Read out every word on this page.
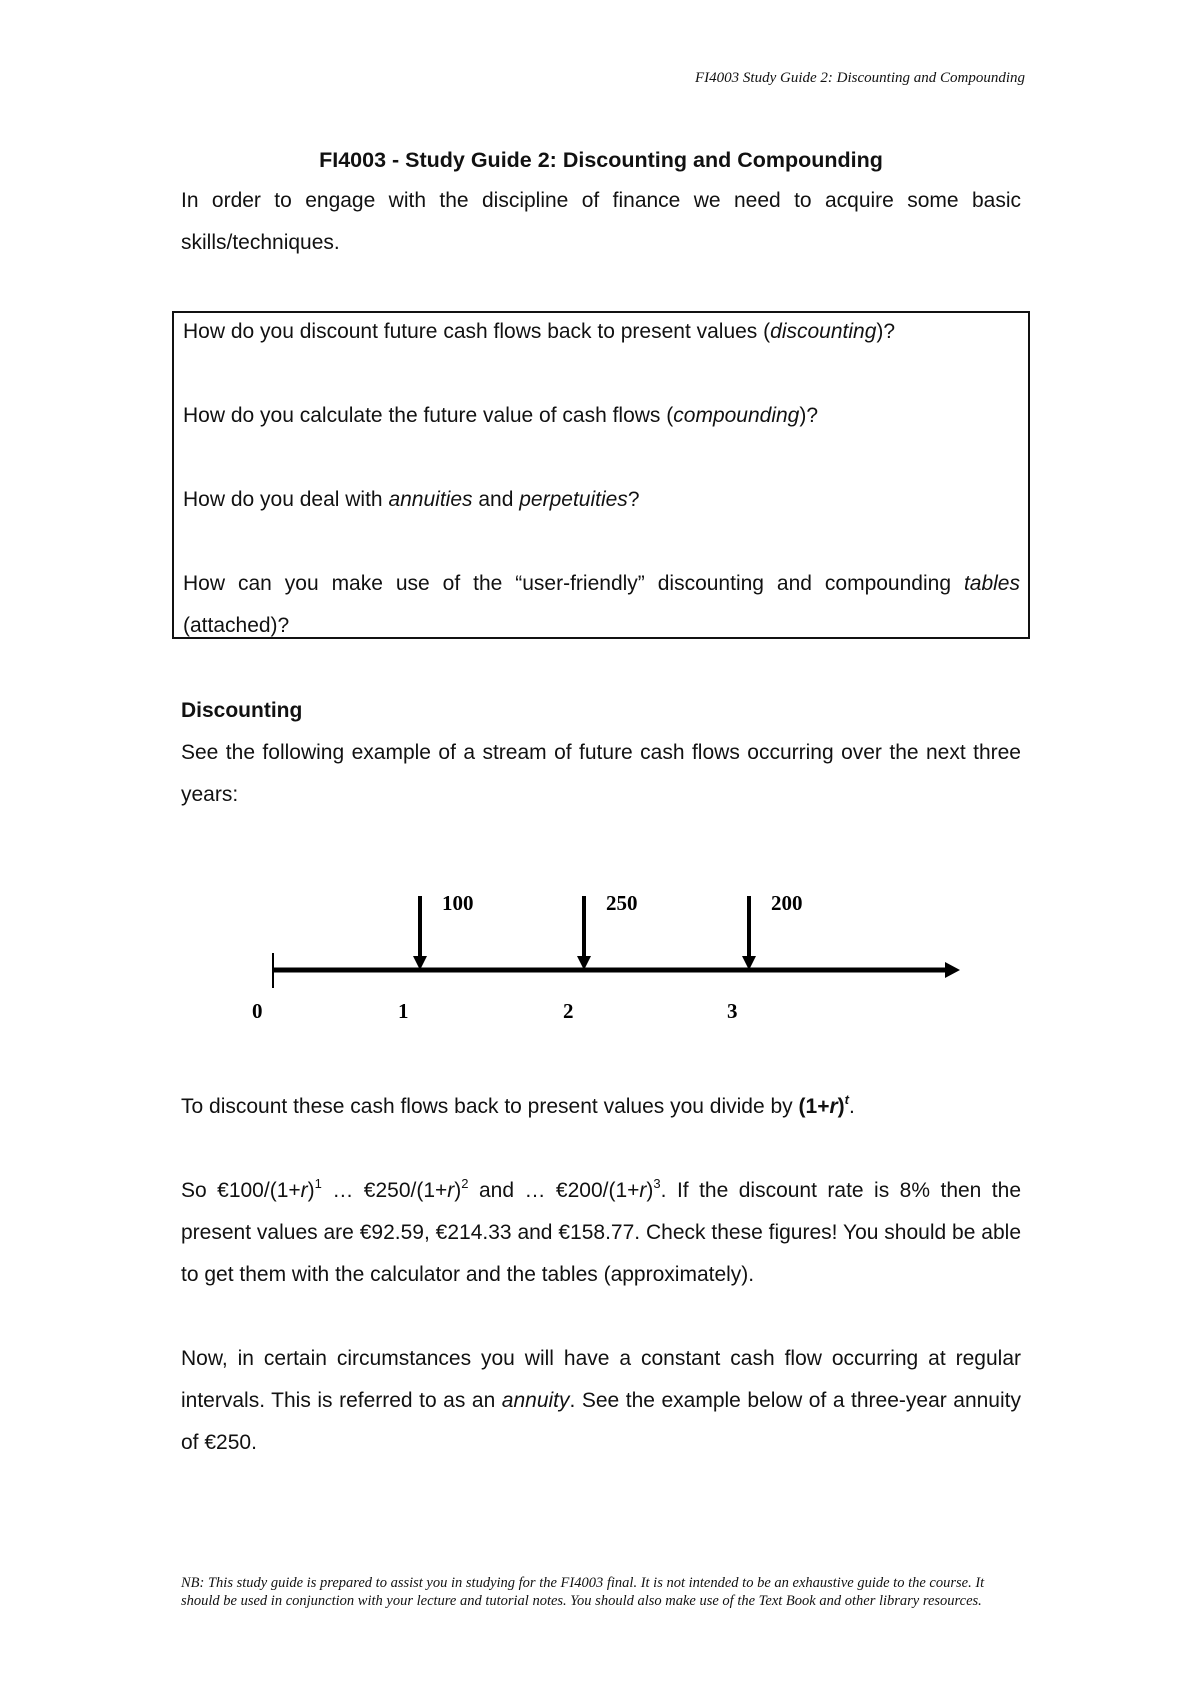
FI4003 Study Guide 2: Discounting and Compounding

FI4003 - Study Guide 2: Discounting and Compounding

In order to engage with the discipline of finance we need to acquire some basic skills/techniques.

How do you discount future cash flows back to present values (discounting)?

How do you calculate the future value of cash flows (compounding)?

How do you deal with annuities and perpetuities?

How can you make use of the “user-friendly” discounting and compounding tables (attached)?

Discounting

See the following example of a stream of future cash flows occurring over the next three years:

100	250	200
0	1	2	3

To discount these cash flows back to present values you divide by $(1+r)^t$.

So $€100/(1+r)^1$ … $€250/(1+r)^2$ and … $€200/(1+r)^3$. If the discount rate is 8% then the present values are €92.59, €214.33 and €158.77. Check these figures! You should be able to get them with the calculator and the tables (approximately).

Now, in certain circumstances you will have a constant cash flow occurring at regular intervals. This is referred to as an annuity. See the example below of a three-year annuity of €250.

NB: This study guide is prepared to assist you in studying for the FI4003 final. It is not intended to be an exhaustive guide to the course. It should be used in conjunction with your lecture and tutorial notes. You should also make use of the Text Book and other library resources.
